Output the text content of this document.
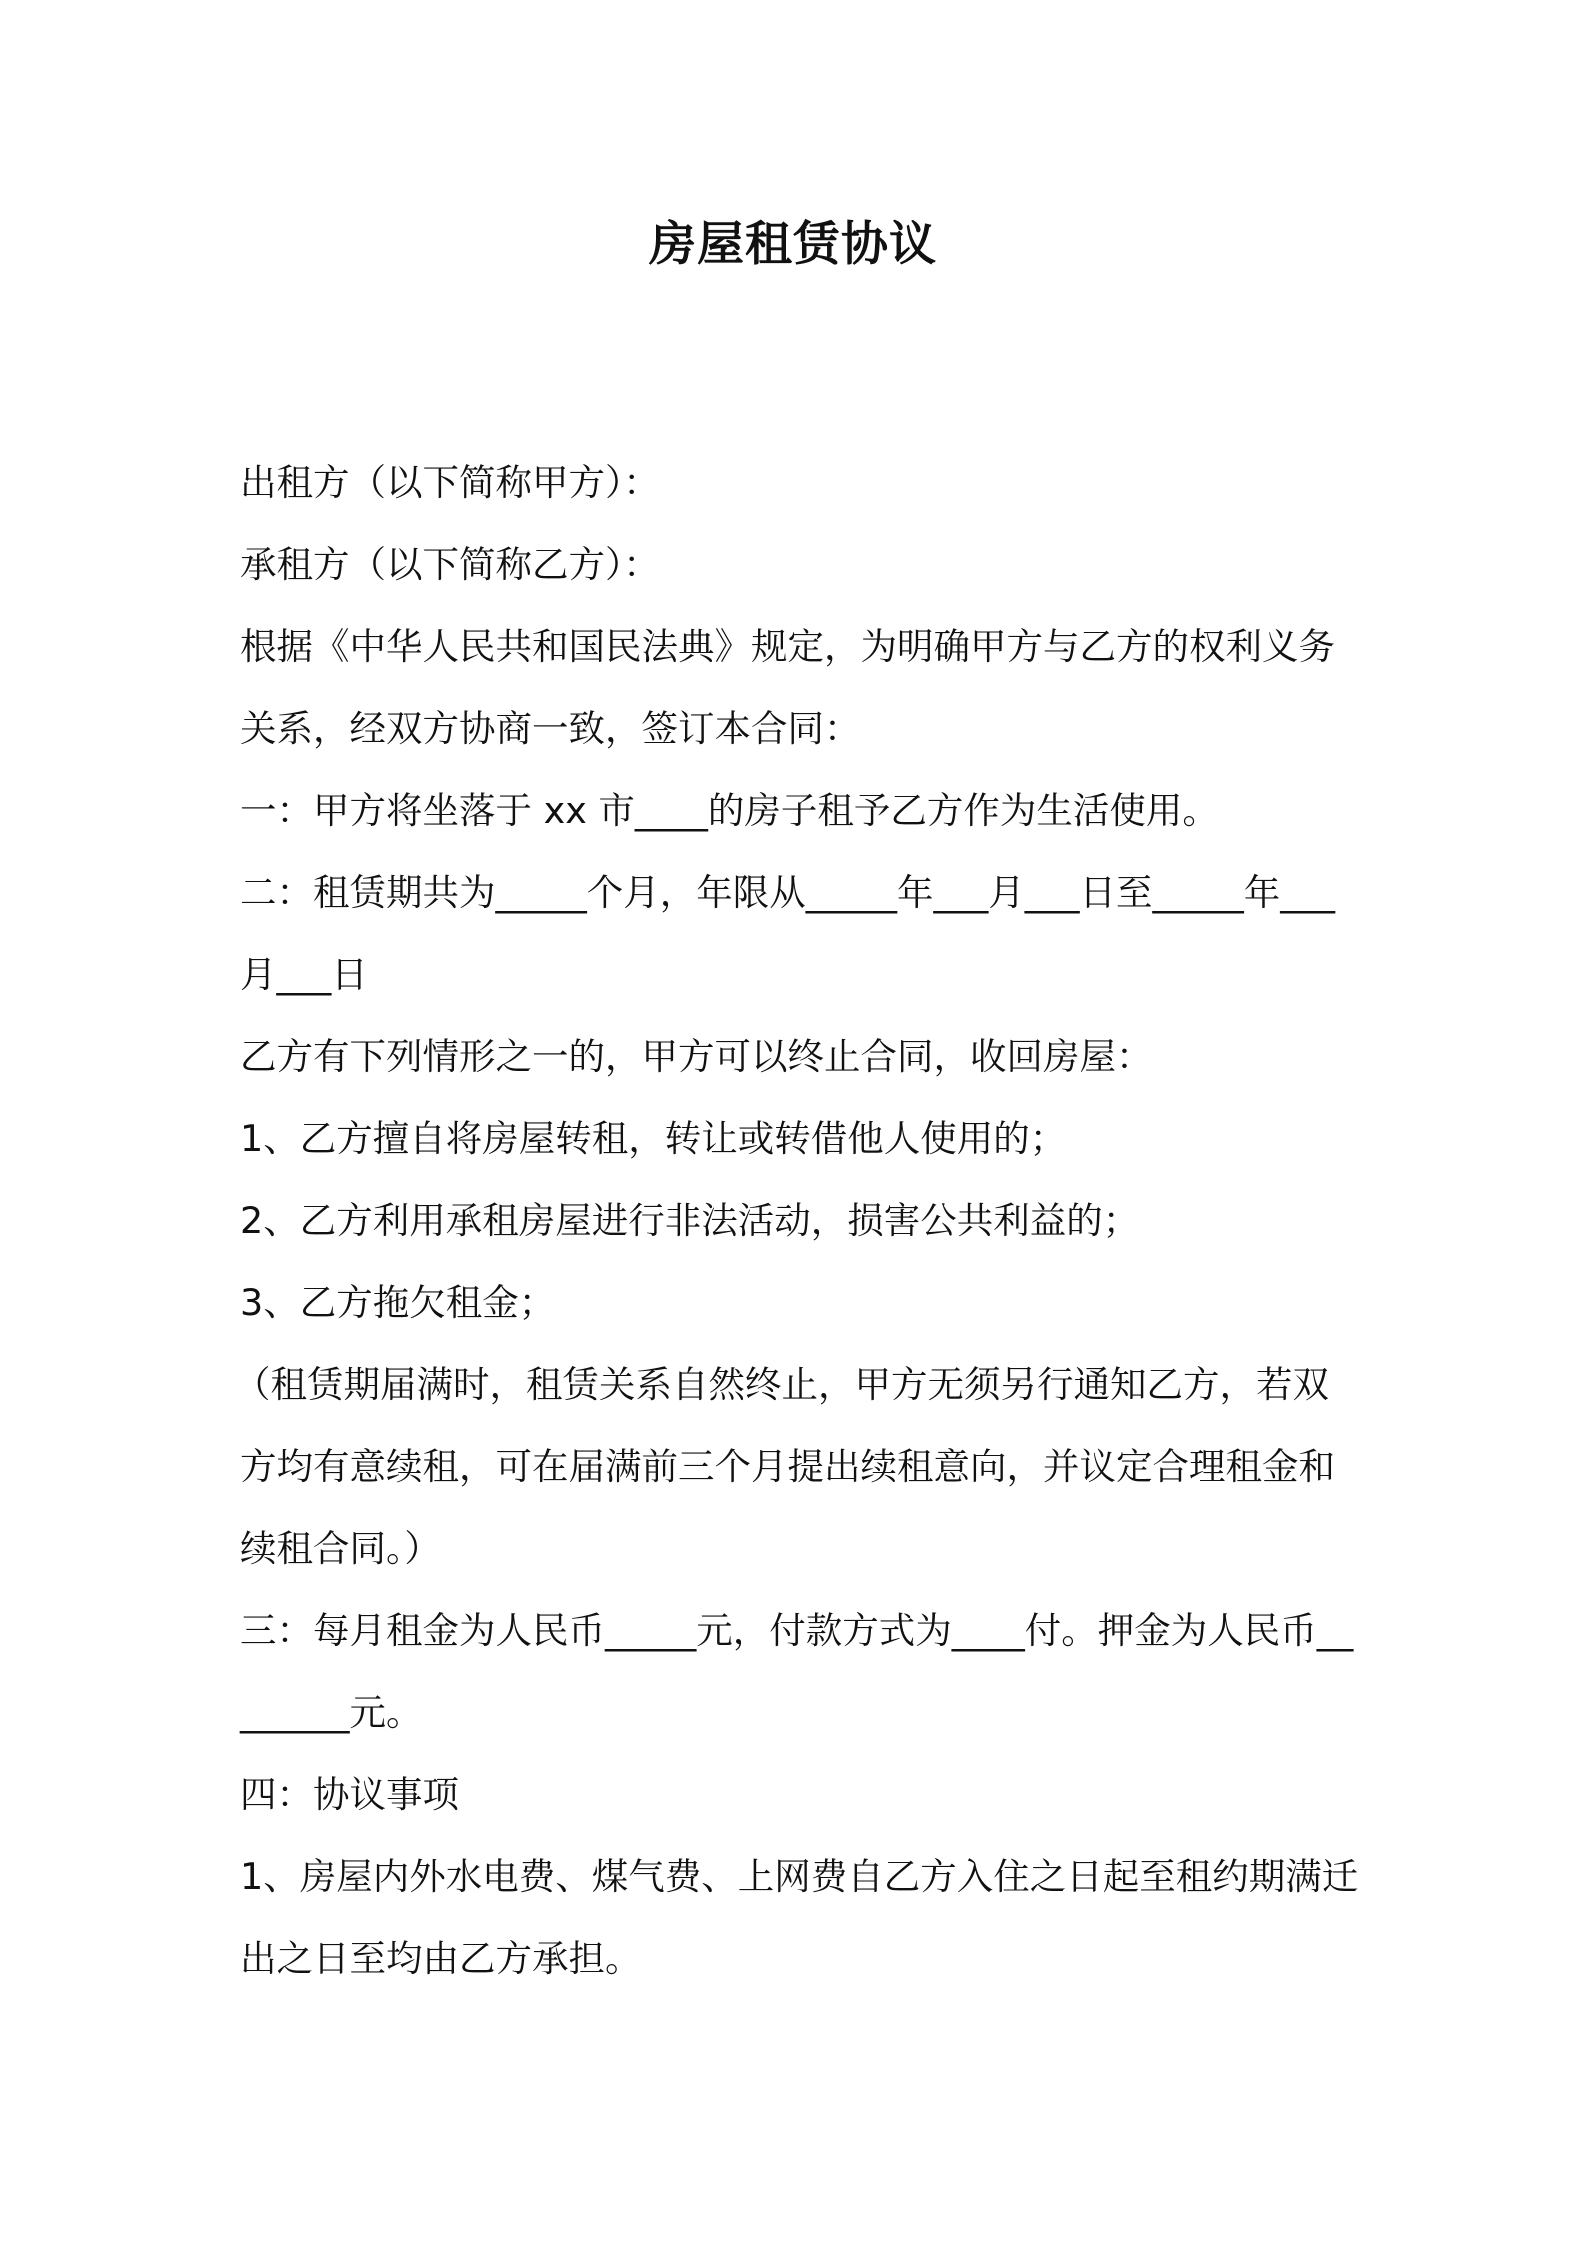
房屋租赁协议

出租方（以下简称甲方）：

承租方（以下简称乙方）：

根据《中华人民共和国民法典》规定，为明确甲方与乙方的权利义务关系，经双方协商一致，签订本合同：

一：甲方将坐落于 xx 市____的房子租予乙方作为生活使用。

二：租赁期共为_____个月，年限从_____年___月___日至_____年___月___日

乙方有下列情形之一的，甲方可以终止合同，收回房屋：

1、乙方擅自将房屋转租，转让或转借他人使用的；

2、乙方利用承租房屋进行非法活动，损害公共利益的；

3、乙方拖欠租金；

（租赁期届满时，租赁关系自然终止，甲方无须另行通知乙方，若双方均有意续租，可在届满前三个月提出续租意向，并议定合理租金和续租合同。）

三：每月租金为人民币_____元，付款方式为____付。押金为人民币________元。

四：协议事项

1、房屋内外水电费、煤气费、上网费自乙方入住之日起至租约期满迁出之日至均由乙方承担。
